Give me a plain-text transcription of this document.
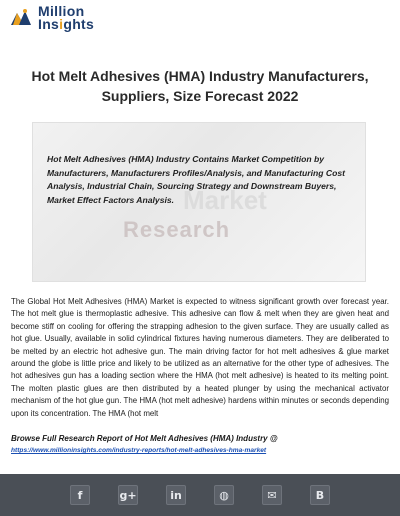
Million
Insights
Hot Melt Adhesives (HMA) Industry Manufacturers, Suppliers, Size Forecast 2022
Market
Research

Hot Melt Adhesives (HMA) Industry Contains Market Competition by Manufacturers, Manufacturers Profiles/Analysis, and Manufacturing Cost Analysis, Industrial Chain, Sourcing Strategy and Downstream Buyers, Market Effect Factors Analysis.

The Global Hot Melt Adhesives (HMA) Market is expected to witness significant growth over forecast year. The hot melt glue is thermoplastic adhesive. This adhesive can flow & melt when they are given heat and become stiff on cooling for offering the strapping adhesion to the given surface. They are usually called as hot glue. Usually, available in solid cylindrical fixtures having numerous diameters. They are deliberated to be melted by an electric hot adhesive gun. The main driving factor for hot melt adhesives & glue market around the globe is little price and likely to be utilized as an alternative for the other type of adhesives. The hot adhesives gun has a loading section where the HMA (hot melt adhesive) is heated to its melting point. The molten plastic glues are then distributed by a heated plunger by using the mechanical activator mechanism of the hot glue gun. The HMA (hot melt adhesive) hardens within minutes or seconds depending upon its concentration. The HMA (hot melt

Browse Full Research Report of Hot Melt Adhesives (HMA) Industry @
https://www.millioninsights.com/industry-reports/hot-melt-adhesives-hma-market
f	g+	in	◍	✉	B
